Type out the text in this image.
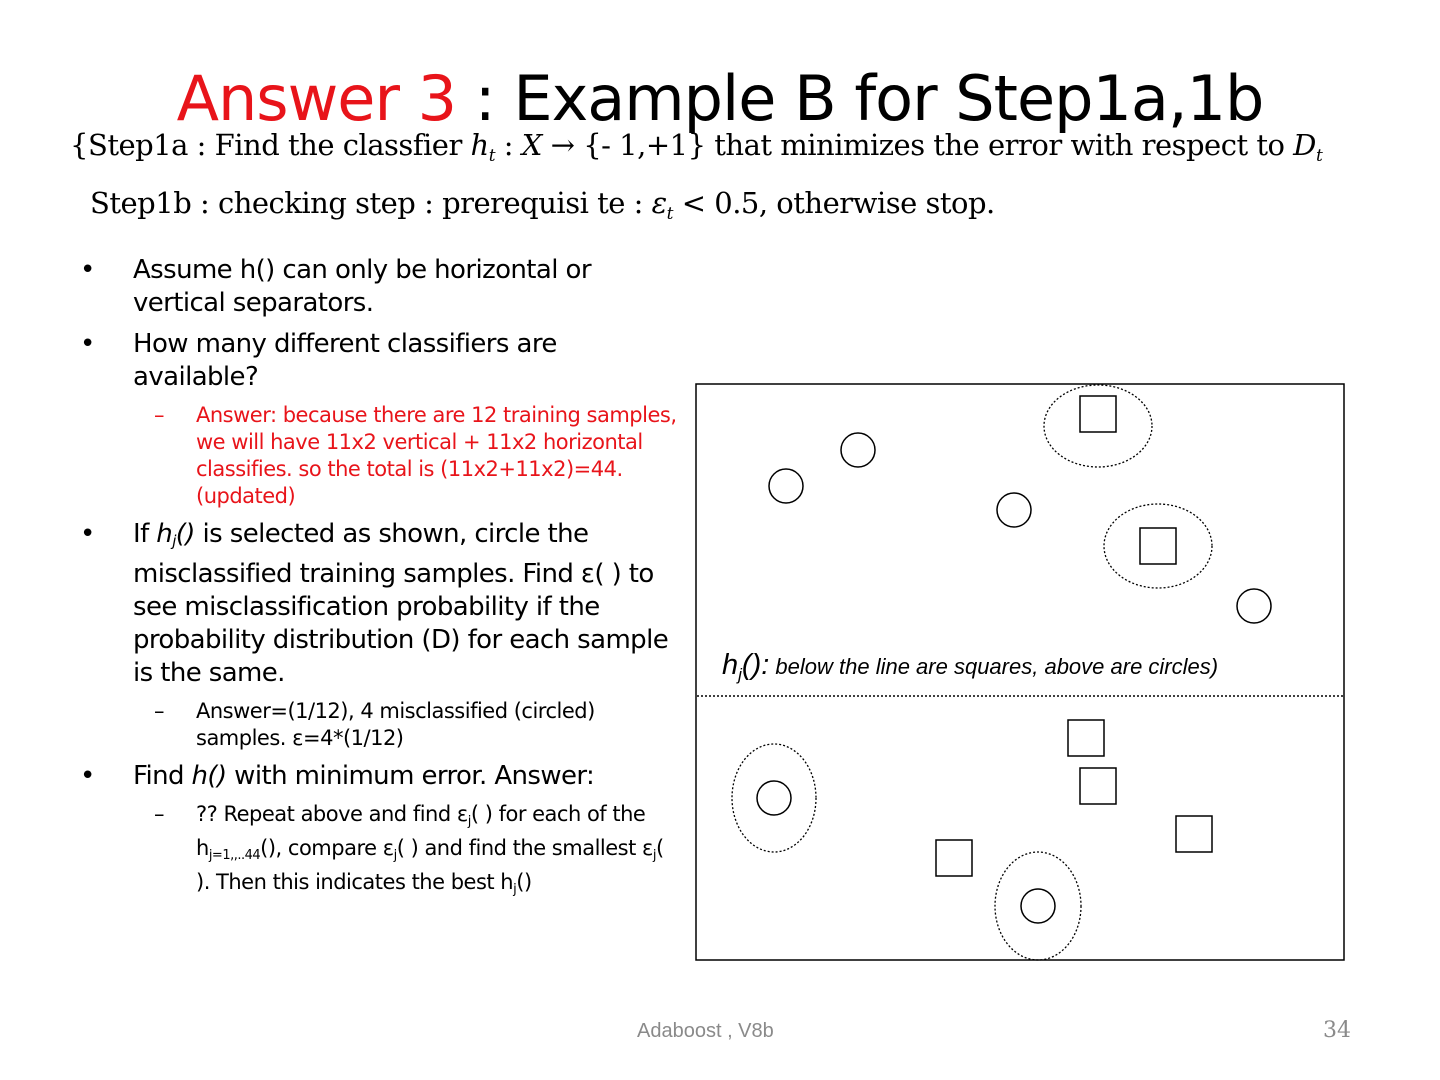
Answer 3 : Example B for Step1a,1b
{Step1a : Find the classfier $h_t$ : X → {- 1,+1} that minimizes the error with respect to $D_t$
Step1b : checking step : prerequisi te : $\varepsilon_t < 0.5$, otherwise stop.
• Assume h() can only be horizontal or vertical separators.
• How many different classifiers are available?
– Answer: because there are 12 training samples, we will have 11x2 vertical + 11x2 horizontal classifies. so the total is (11x2+11x2)=44. (updated)
• If $h_j()$ is selected as shown, circle the misclassified training samples. Find ε( ) to see misclassification probability if the probability distribution (D) for each sample is the same.
– Answer=(1/12), 4 misclassified (circled) samples. ε=4*(1/12)
• Find h() with minimum error. Answer:
– ?? Repeat above and find $\varepsilon_j$( ) for each of the $h_{j=1,,..44}()$, compare $\varepsilon_j$( ) and find the smallest $\varepsilon_j$( ). Then this indicates the best $h_j()$
$h_j()$: below the line are squares, above are circles)
Adaboost , V8b	34
